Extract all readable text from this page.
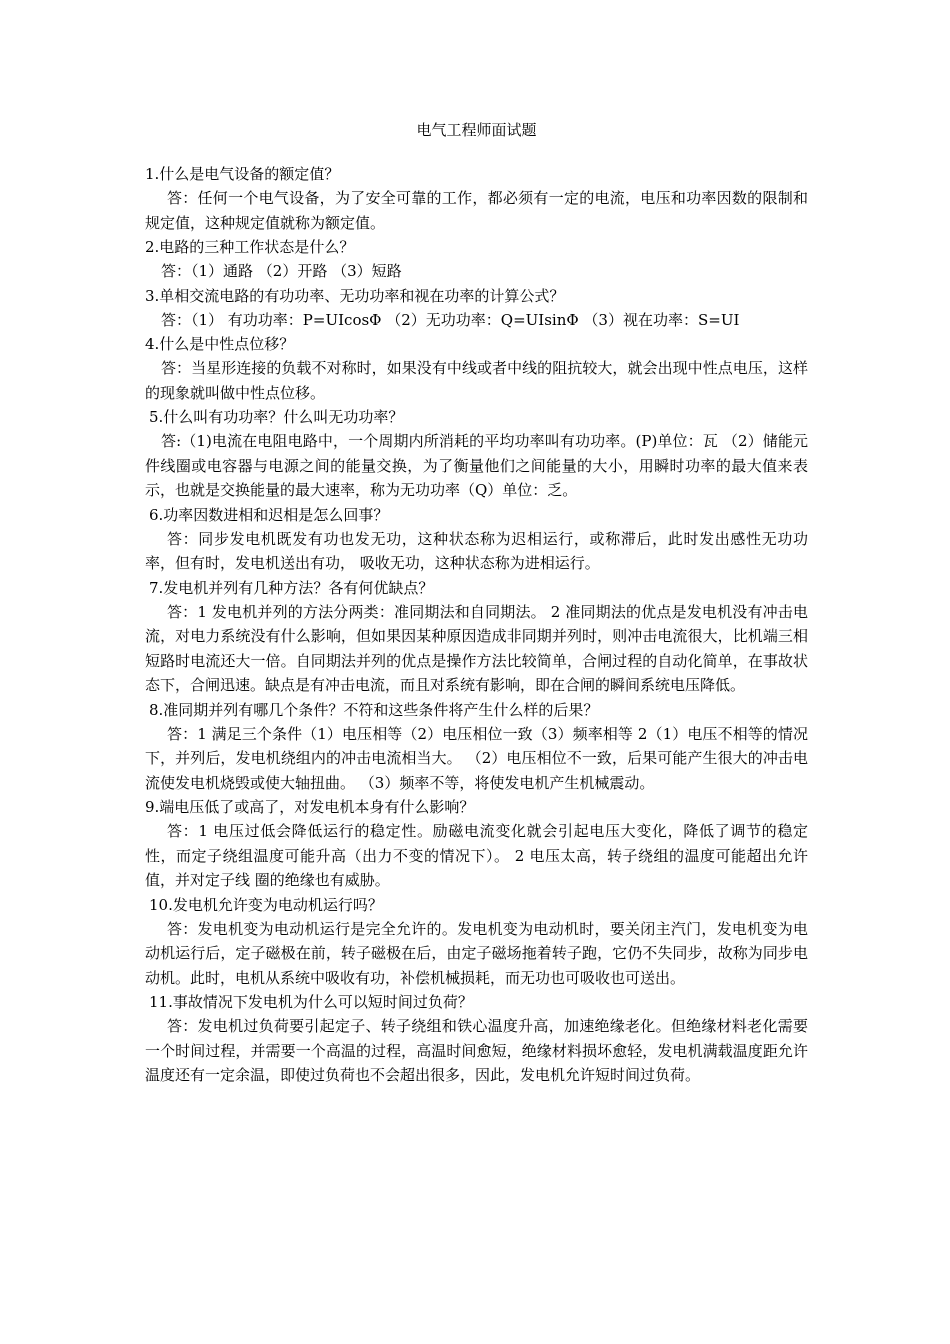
电气工程师面试题

1.什么是电气设备的额定值？

答：任何一个电气设备，为了安全可靠的工作，都必须有一定的电流，电压和功率因数的限制和规定值，这种规定值就称为额定值。

2.电路的三种工作状态是什么？

答：（1）通路 （2）开路 （3）短路

3.单相交流电路的有功功率、无功功率和视在功率的计算公式？

答：（1） 有功功率：P=UIcosΦ （2）无功功率：Q=UIsinΦ （3）视在功率：S=UI

4.什么是中性点位移？

答：当星形连接的负载不对称时，如果没有中线或者中线的阻抗较大，就会出现中性点电压，这样的现象就叫做中性点位移。

5.什么叫有功功率？什么叫无功功率？

答:（1)电流在电阻电路中，一个周期内所消耗的平均功率叫有功功率。(P)单位：瓦 （2）储能元件线圈或电容器与电源之间的能量交换，为了衡量他们之间能量的大小，用瞬时功率的最大值来表示，也就是交换能量的最大速率，称为无功功率（Q）单位：乏。

6.功率因数进相和迟相是怎么回事？

答：同步发电机既发有功也发无功，这种状态称为迟相运行，或称滞后，此时发出感性无功功率，但有时，发电机送出有功， 吸收无功，这种状态称为进相运行。

7.发电机并列有几种方法？各有何优缺点？

答：1 发电机并列的方法分两类：准同期法和自同期法。 2 准同期法的优点是发电机没有冲击电流，对电力系统没有什么影响，但如果因某种原因造成非同期并列时，则冲击电流很大，比机端三相短路时电流还大一倍。自同期法并列的优点是操作方法比较简单，合闸过程的自动化简单，在事故状态下，合闸迅速。缺点是有冲击电流，而且对系统有影响，即在合闸的瞬间系统电压降低。

8.准同期并列有哪几个条件？不符和这些条件将产生什么样的后果？

答：1 满足三个条件（1）电压相等（2）电压相位一致（3）频率相等 2（1）电压不相等的情况下，并列后，发电机绕组内的冲击电流相当大。 （2）电压相位不一致，后果可能产生很大的冲击电流使发电机烧毁或使大轴扭曲。 （3）频率不等，将使发电机产生机械震动。

9.端电压低了或高了，对发电机本身有什么影响？

答：1 电压过低会降低运行的稳定性。励磁电流变化就会引起电压大变化，降低了调节的稳定性，而定子绕组温度可能升高（出力不变的情况下）。 2 电压太高，转子绕组的温度可能超出允许值，并对定子线 圈的绝缘也有威胁。

10.发电机允许变为电动机运行吗？

答：发电机变为电动机运行是完全允许的。发电机变为电动机时，要关闭主汽门，发电机变为电动机运行后，定子磁极在前，转子磁极在后，由定子磁场拖着转子跑，它仍不失同步，故称为同步电动机。此时，电机从系统中吸收有功，补偿机械损耗，而无功也可吸收也可送出。

11.事故情况下发电机为什么可以短时间过负荷？

答：发电机过负荷要引起定子、转子绕组和铁心温度升高，加速绝缘老化。但绝缘材料老化需要一个时间过程，并需要一个高温的过程，高温时间愈短，绝缘材料损坏愈轻，发电机满载温度距允许温度还有一定余温，即使过负荷也不会超出很多，因此，发电机允许短时间过负荷。
